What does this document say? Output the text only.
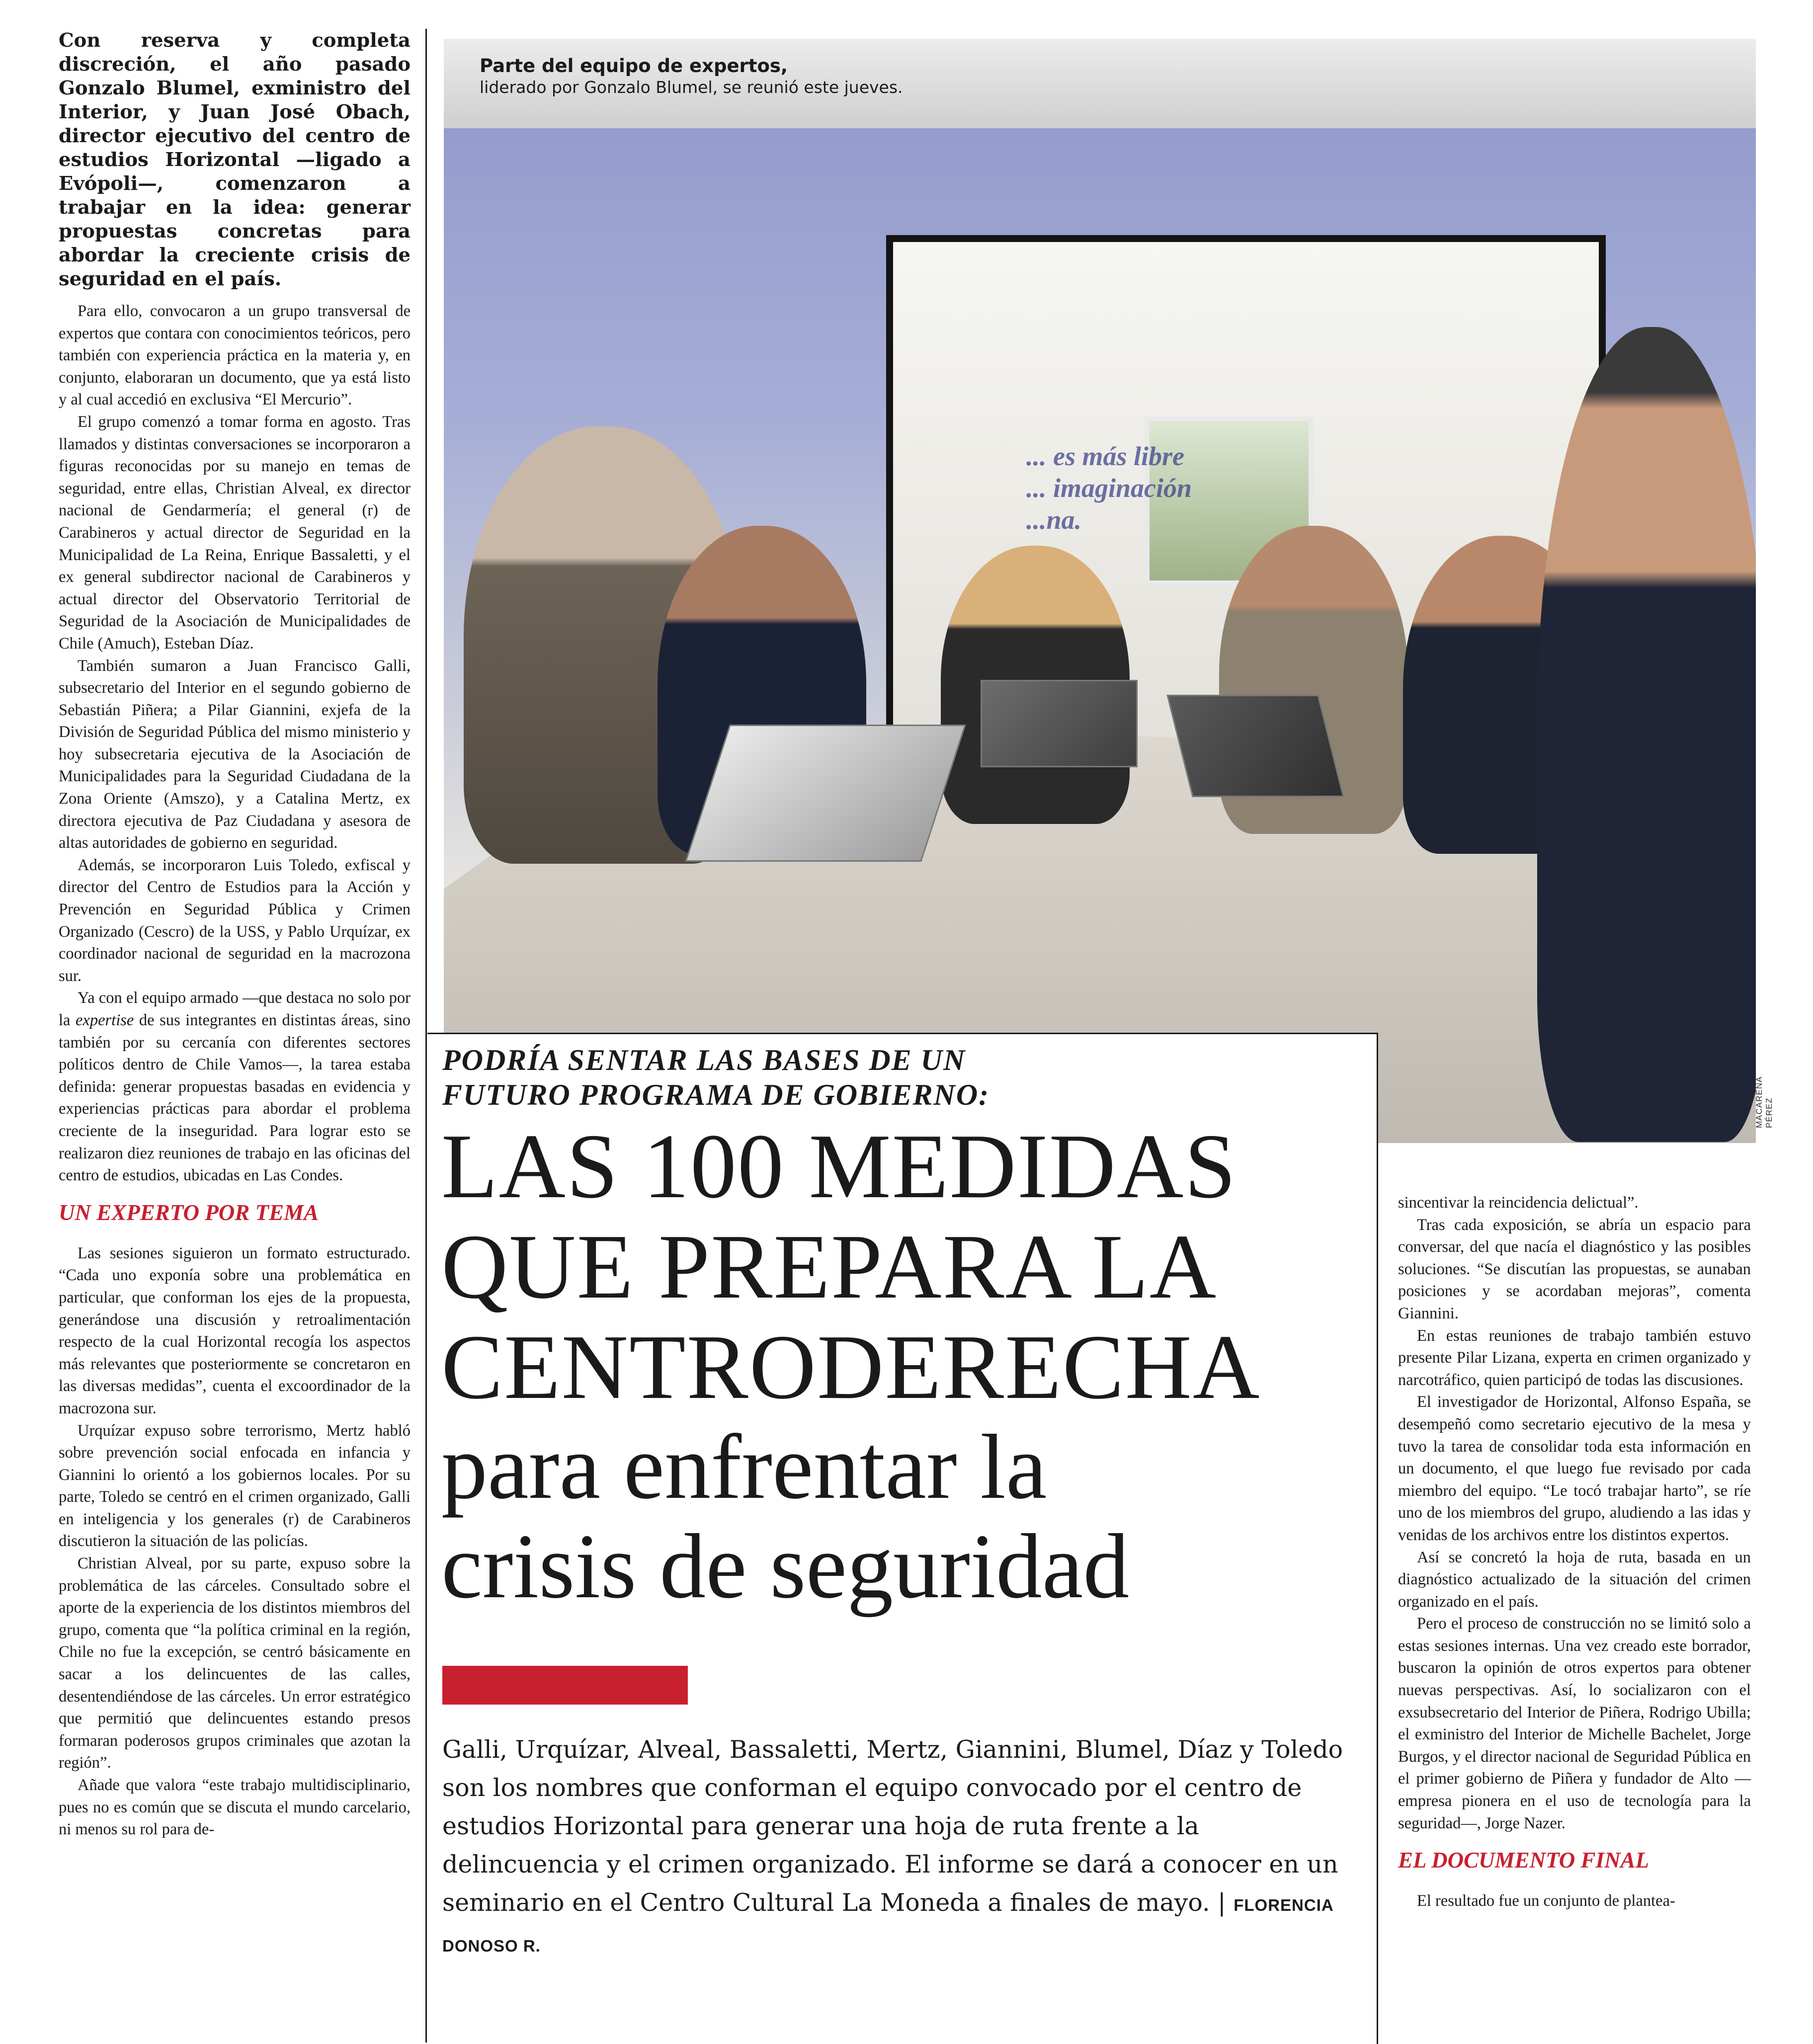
Con reserva y completa discreción, el año pasado Gonzalo Blumel, exministro del Interior, y Juan José Obach, director ejecutivo del centro de estudios Horizontal —ligado a Evópoli—, comenzaron a trabajar en la idea: generar propuestas concretas para abordar la creciente crisis de seguridad en el país.

Para ello, convocaron a un grupo transversal de expertos que contara con conocimientos teóricos, pero también con experiencia práctica en la materia y, en conjunto, elaboraran un documento, que ya está listo y al cual accedió en exclusiva “El Mercurio”.

El grupo comenzó a tomar forma en agosto. Tras llamados y distintas conversaciones se incorporaron a figuras reconocidas por su manejo en temas de seguridad, entre ellas, Christian Alveal, ex director nacional de Gendarmería; el general (r) de Carabineros y actual director de Seguridad en la Municipalidad de La Reina, Enrique Bassaletti, y el ex general subdirector nacional de Carabineros y actual director del Observatorio Territorial de Seguridad de la Asociación de Municipalidades de Chile (Amuch), Esteban Díaz.

También sumaron a Juan Francisco Galli, subsecretario del Interior en el segundo gobierno de Sebastián Piñera; a Pilar Giannini, exjefa de la División de Seguridad Pública del mismo ministerio y hoy subsecretaria ejecutiva de la Asociación de Municipalidades para la Seguridad Ciudadana de la Zona Oriente (Amszo), y a Catalina Mertz, ex directora ejecutiva de Paz Ciudadana y asesora de altas autoridades de gobierno en seguridad.

Además, se incorporaron Luis Toledo, exfiscal y director del Centro de Estudios para la Acción y Prevención en Seguridad Pública y Crimen Organizado (Cescro) de la USS, y Pablo Urquízar, ex coordinador nacional de seguridad en la macrozona sur.

Ya con el equipo armado —que destaca no solo por la expertise de sus integrantes en distintas áreas, sino también por su cercanía con diferentes sectores políticos dentro de Chile Vamos—, la tarea estaba definida: generar propuestas basadas en evidencia y experiencias prácticas para abordar el problema creciente de la inseguridad. Para lograr esto se realizaron diez reuniones de trabajo en las oficinas del centro de estudios, ubicadas en Las Condes.

UN EXPERTO POR TEMA

Las sesiones siguieron un formato estructurado. “Cada uno exponía sobre una problemática en particular, que conforman los ejes de la propuesta, generándose una discusión y retroalimentación respecto de la cual Horizontal recogía los aspectos más relevantes que posteriormente se concretaron en las diversas medidas”, cuenta el excoordinador de la macrozona sur.

Urquízar expuso sobre terrorismo, Mertz habló sobre prevención social enfocada en infancia y Giannini lo orientó a los gobiernos locales. Por su parte, Toledo se centró en el crimen organizado, Galli en inteligencia y los generales (r) de Carabineros discutieron la situación de las policías.

Christian Alveal, por su parte, expuso sobre la problemática de las cárceles. Consultado sobre el aporte de la experiencia de los distintos miembros del grupo, comenta que “la política criminal en la región, Chile no fue la excepción, se centró básicamente en sacar a los delincuentes de las calles, desentendiéndose de las cárceles. Un error estratégico que permitió que delincuentes estando presos formaran poderosos grupos criminales que azotan la región”.

Añade que valora “este trabajo multidisciplinario, pues no es común que se discuta el mundo carcelario, ni menos su rol para de-

... es más libre
... imaginación
...na.
Parte del equipo de expertos,
liderado por Gonzalo Blumel, se reunió este jueves.
MACARENA PÉREZ
PODRÍA SENTAR LAS BASES DE UN
FUTURO PROGRAMA DE GOBIERNO:
LAS 100 MEDIDAS
QUE PREPARA LA
CENTRODERECHA
para enfrentar la
crisis de seguridad
Galli, Urquízar, Alveal, Bassaletti, Mertz, Giannini, Blumel, Díaz y Toledo son los nombres que conforman el equipo convocado por el centro de estudios Horizontal para generar una hoja de ruta frente a la delincuencia y el crimen organizado. El informe se dará a conocer en un seminario en el Centro Cultural La Moneda a finales de mayo. | FLORENCIA DONOSO R.

sincentivar la reincidencia delictual”.

Tras cada exposición, se abría un espacio para conversar, del que nacía el diagnóstico y las posibles soluciones. “Se discutían las propuestas, se aunaban posiciones y se acordaban mejoras”, comenta Giannini.

En estas reuniones de trabajo también estuvo presente Pilar Lizana, experta en crimen organizado y narcotráfico, quien participó de todas las discusiones.

El investigador de Horizontal, Alfonso España, se desempeñó como secretario ejecutivo de la mesa y tuvo la tarea de consolidar toda esta información en un documento, el que luego fue revisado por cada miembro del equipo. “Le tocó trabajar harto”, se ríe uno de los miembros del grupo, aludiendo a las idas y venidas de los archivos entre los distintos expertos.

Así se concretó la hoja de ruta, basada en un diagnóstico actualizado de la situación del crimen organizado en el país.

Pero el proceso de construcción no se limitó solo a estas sesiones internas. Una vez creado este borrador, buscaron la opinión de otros expertos para obtener nuevas perspectivas. Así, lo socializaron con el exsubsecretario del Interior de Piñera, Rodrigo Ubilla; el exministro del Interior de Michelle Bachelet, Jorge Burgos, y el director nacional de Seguridad Pública en el primer gobierno de Piñera y fundador de Alto —empresa pionera en el uso de tecnología para la seguridad—, Jorge Nazer.

EL DOCUMENTO FINAL

El resultado fue un conjunto de plantea-
